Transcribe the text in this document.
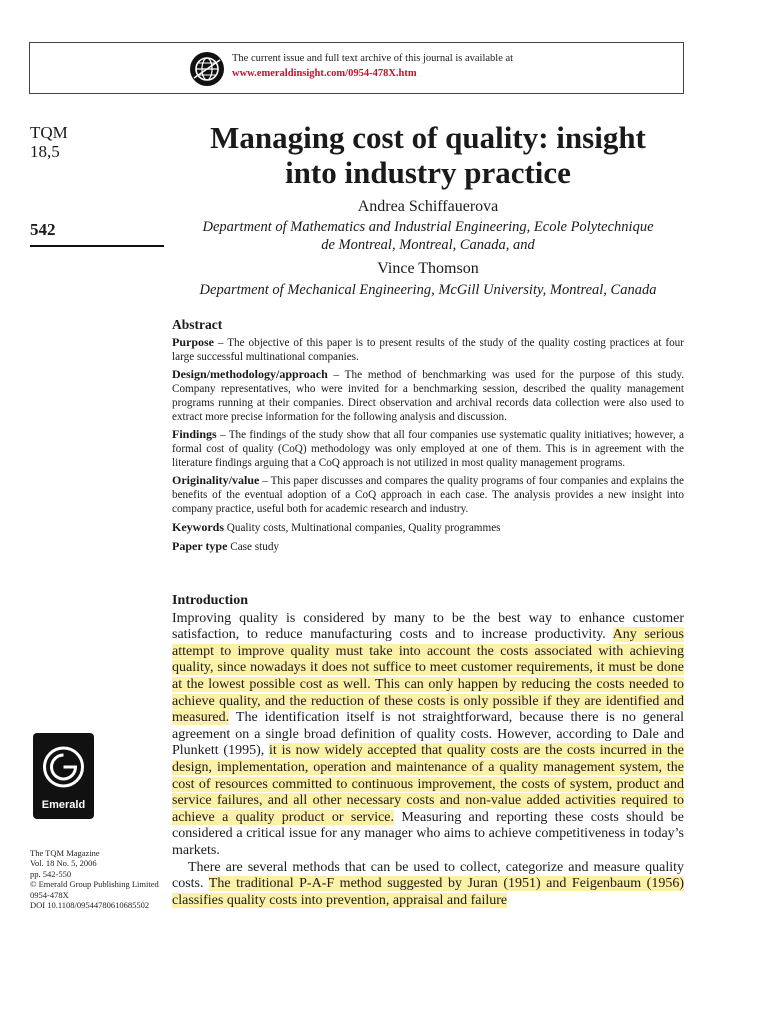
The current issue and full text archive of this journal is available at
www.emeraldinsight.com/0954-478X.htm
TQM
18,5
542
Managing cost of quality: insight
into industry practice
Andrea Schiffauerova
Department of Mathematics and Industrial Engineering, Ecole Polytechnique
de Montreal, Montreal, Canada, and
Vince Thomson
Department of Mechanical Engineering, McGill University, Montreal, Canada
Abstract

Purpose – The objective of this paper is to present results of the study of the quality costing practices at four large successful multinational companies.

Design/methodology/approach – The method of benchmarking was used for the purpose of this study. Company representatives, who were invited for a benchmarking session, described the quality management programs running at their companies. Direct observation and archival records data collection were also used to extract more precise information for the following analysis and discussion.

Findings – The findings of the study show that all four companies use systematic quality initiatives; however, a formal cost of quality (CoQ) methodology was only employed at one of them. This is in agreement with the literature findings arguing that a CoQ approach is not utilized in most quality management programs.

Originality/value – This paper discusses and compares the quality programs of four companies and explains the benefits of the eventual adoption of a CoQ approach in each case. The analysis provides a new insight into company practice, useful both for academic research and industry.

Keywords Quality costs, Multinational companies, Quality programmes

Paper type Case study

Introduction

Improving quality is considered by many to be the best way to enhance customer satisfaction, to reduce manufacturing costs and to increase productivity. Any serious attempt to improve quality must take into account the costs associated with achieving quality, since nowadays it does not suffice to meet customer requirements, it must be done at the lowest possible cost as well. This can only happen by reducing the costs needed to achieve quality, and the reduction of these costs is only possible if they are identified and measured. The identification itself is not straightforward, because there is no general agreement on a single broad definition of quality costs. However, according to Dale and Plunkett (1995), it is now widely accepted that quality costs are the costs incurred in the design, implementation, operation and maintenance of a quality management system, the cost of resources committed to continuous improvement, the costs of system, product and service failures, and all other necessary costs and non-value added activities required to achieve a quality product or service. Measuring and reporting these costs should be considered a critical issue for any manager who aims to achieve competitiveness in today’s markets.

There are several methods that can be used to collect, categorize and measure quality costs. The traditional P-A-F method suggested by Juran (1951) and Feigenbaum (1956) classifies quality costs into prevention, appraisal and failure

Emerald
The TQM Magazine
Vol. 18 No. 5, 2006
pp. 542-550
© Emerald Group Publishing Limited
0954-478X
DOI 10.1108/09544780610685502
